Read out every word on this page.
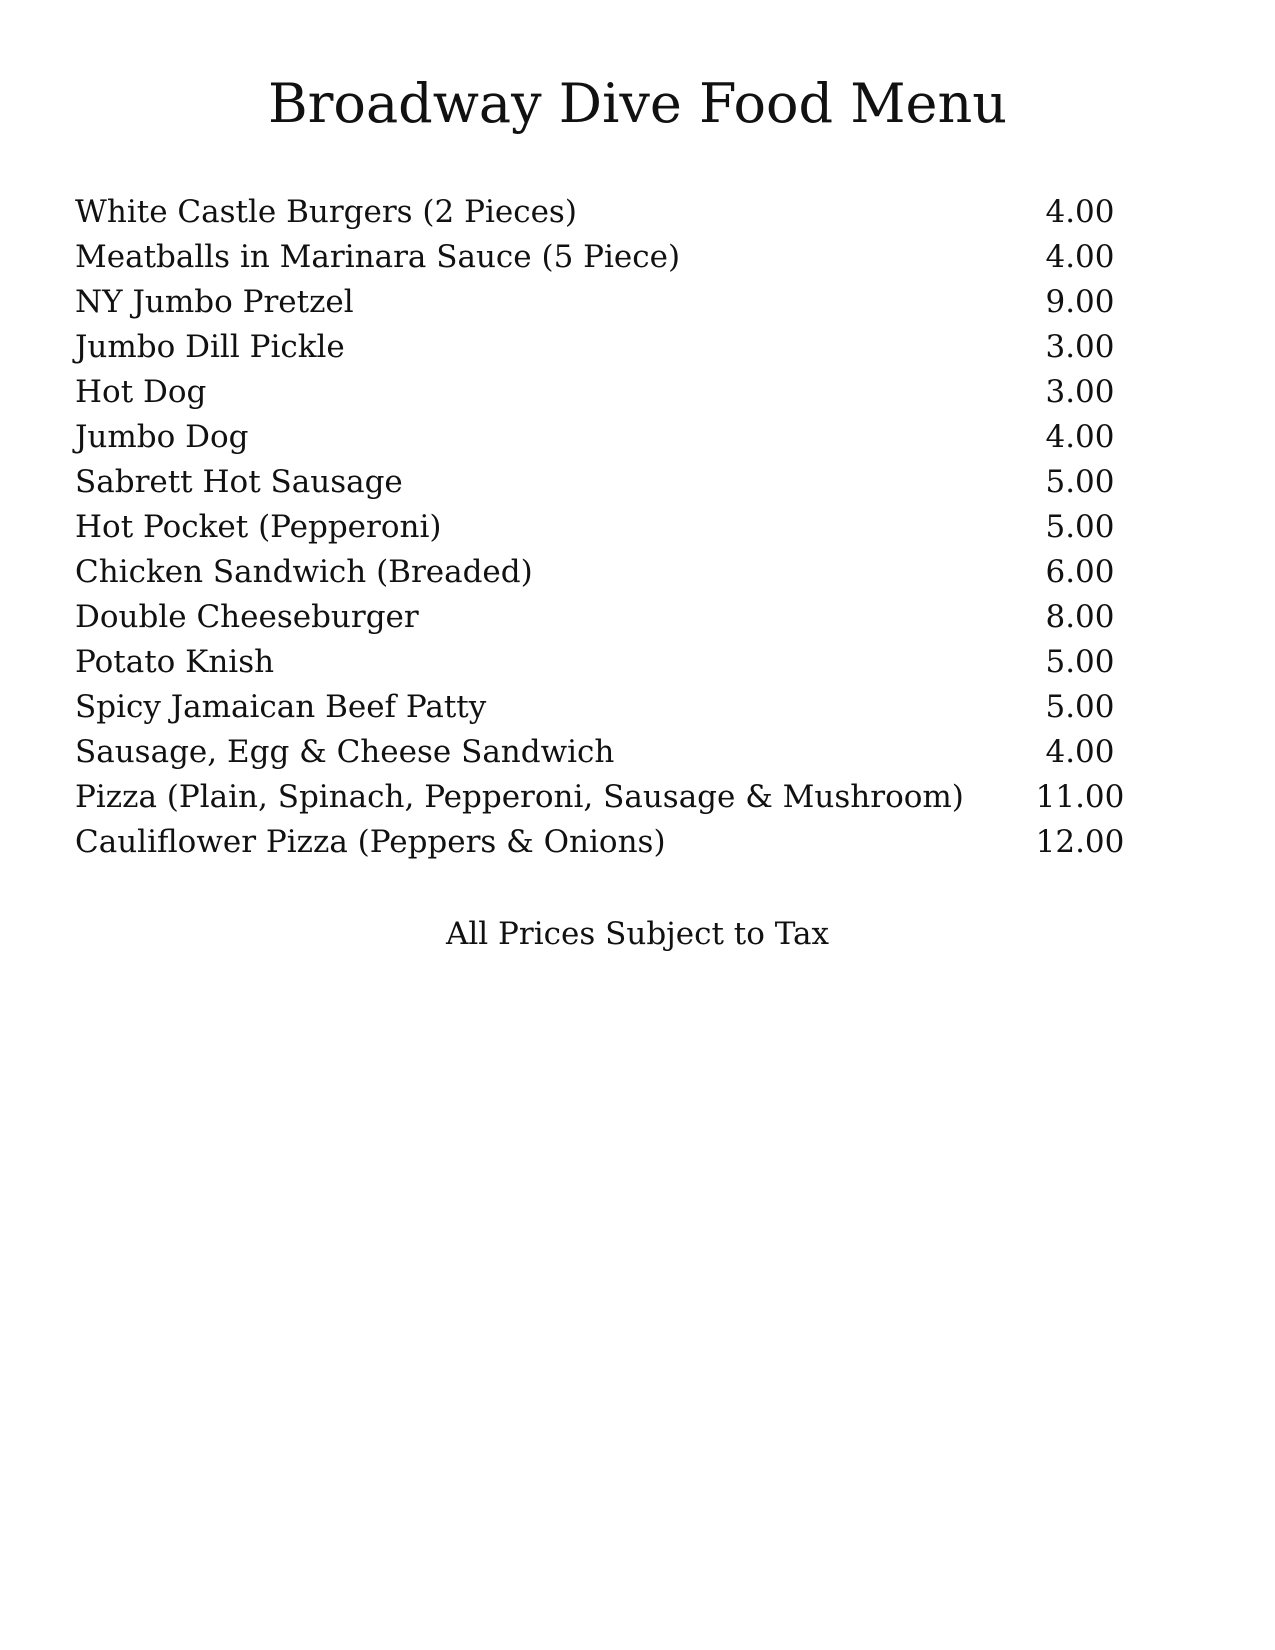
Broadway Dive Food Menu
White Castle Burgers (2 Pieces)	4.00
Meatballs in Marinara Sauce (5 Piece)	4.00
NY Jumbo Pretzel	9.00
Jumbo Dill Pickle	3.00
Hot Dog	3.00
Jumbo Dog	4.00
Sabrett Hot Sausage	5.00
Hot Pocket (Pepperoni)	5.00
Chicken Sandwich (Breaded)	6.00
Double Cheeseburger	8.00
Potato Knish	5.00
Spicy Jamaican Beef Patty	5.00
Sausage, Egg & Cheese Sandwich	4.00
Pizza (Plain, Spinach, Pepperoni, Sausage & Mushroom)	11.00
Cauliflower Pizza (Peppers & Onions)	12.00
All Prices Subject to Tax
